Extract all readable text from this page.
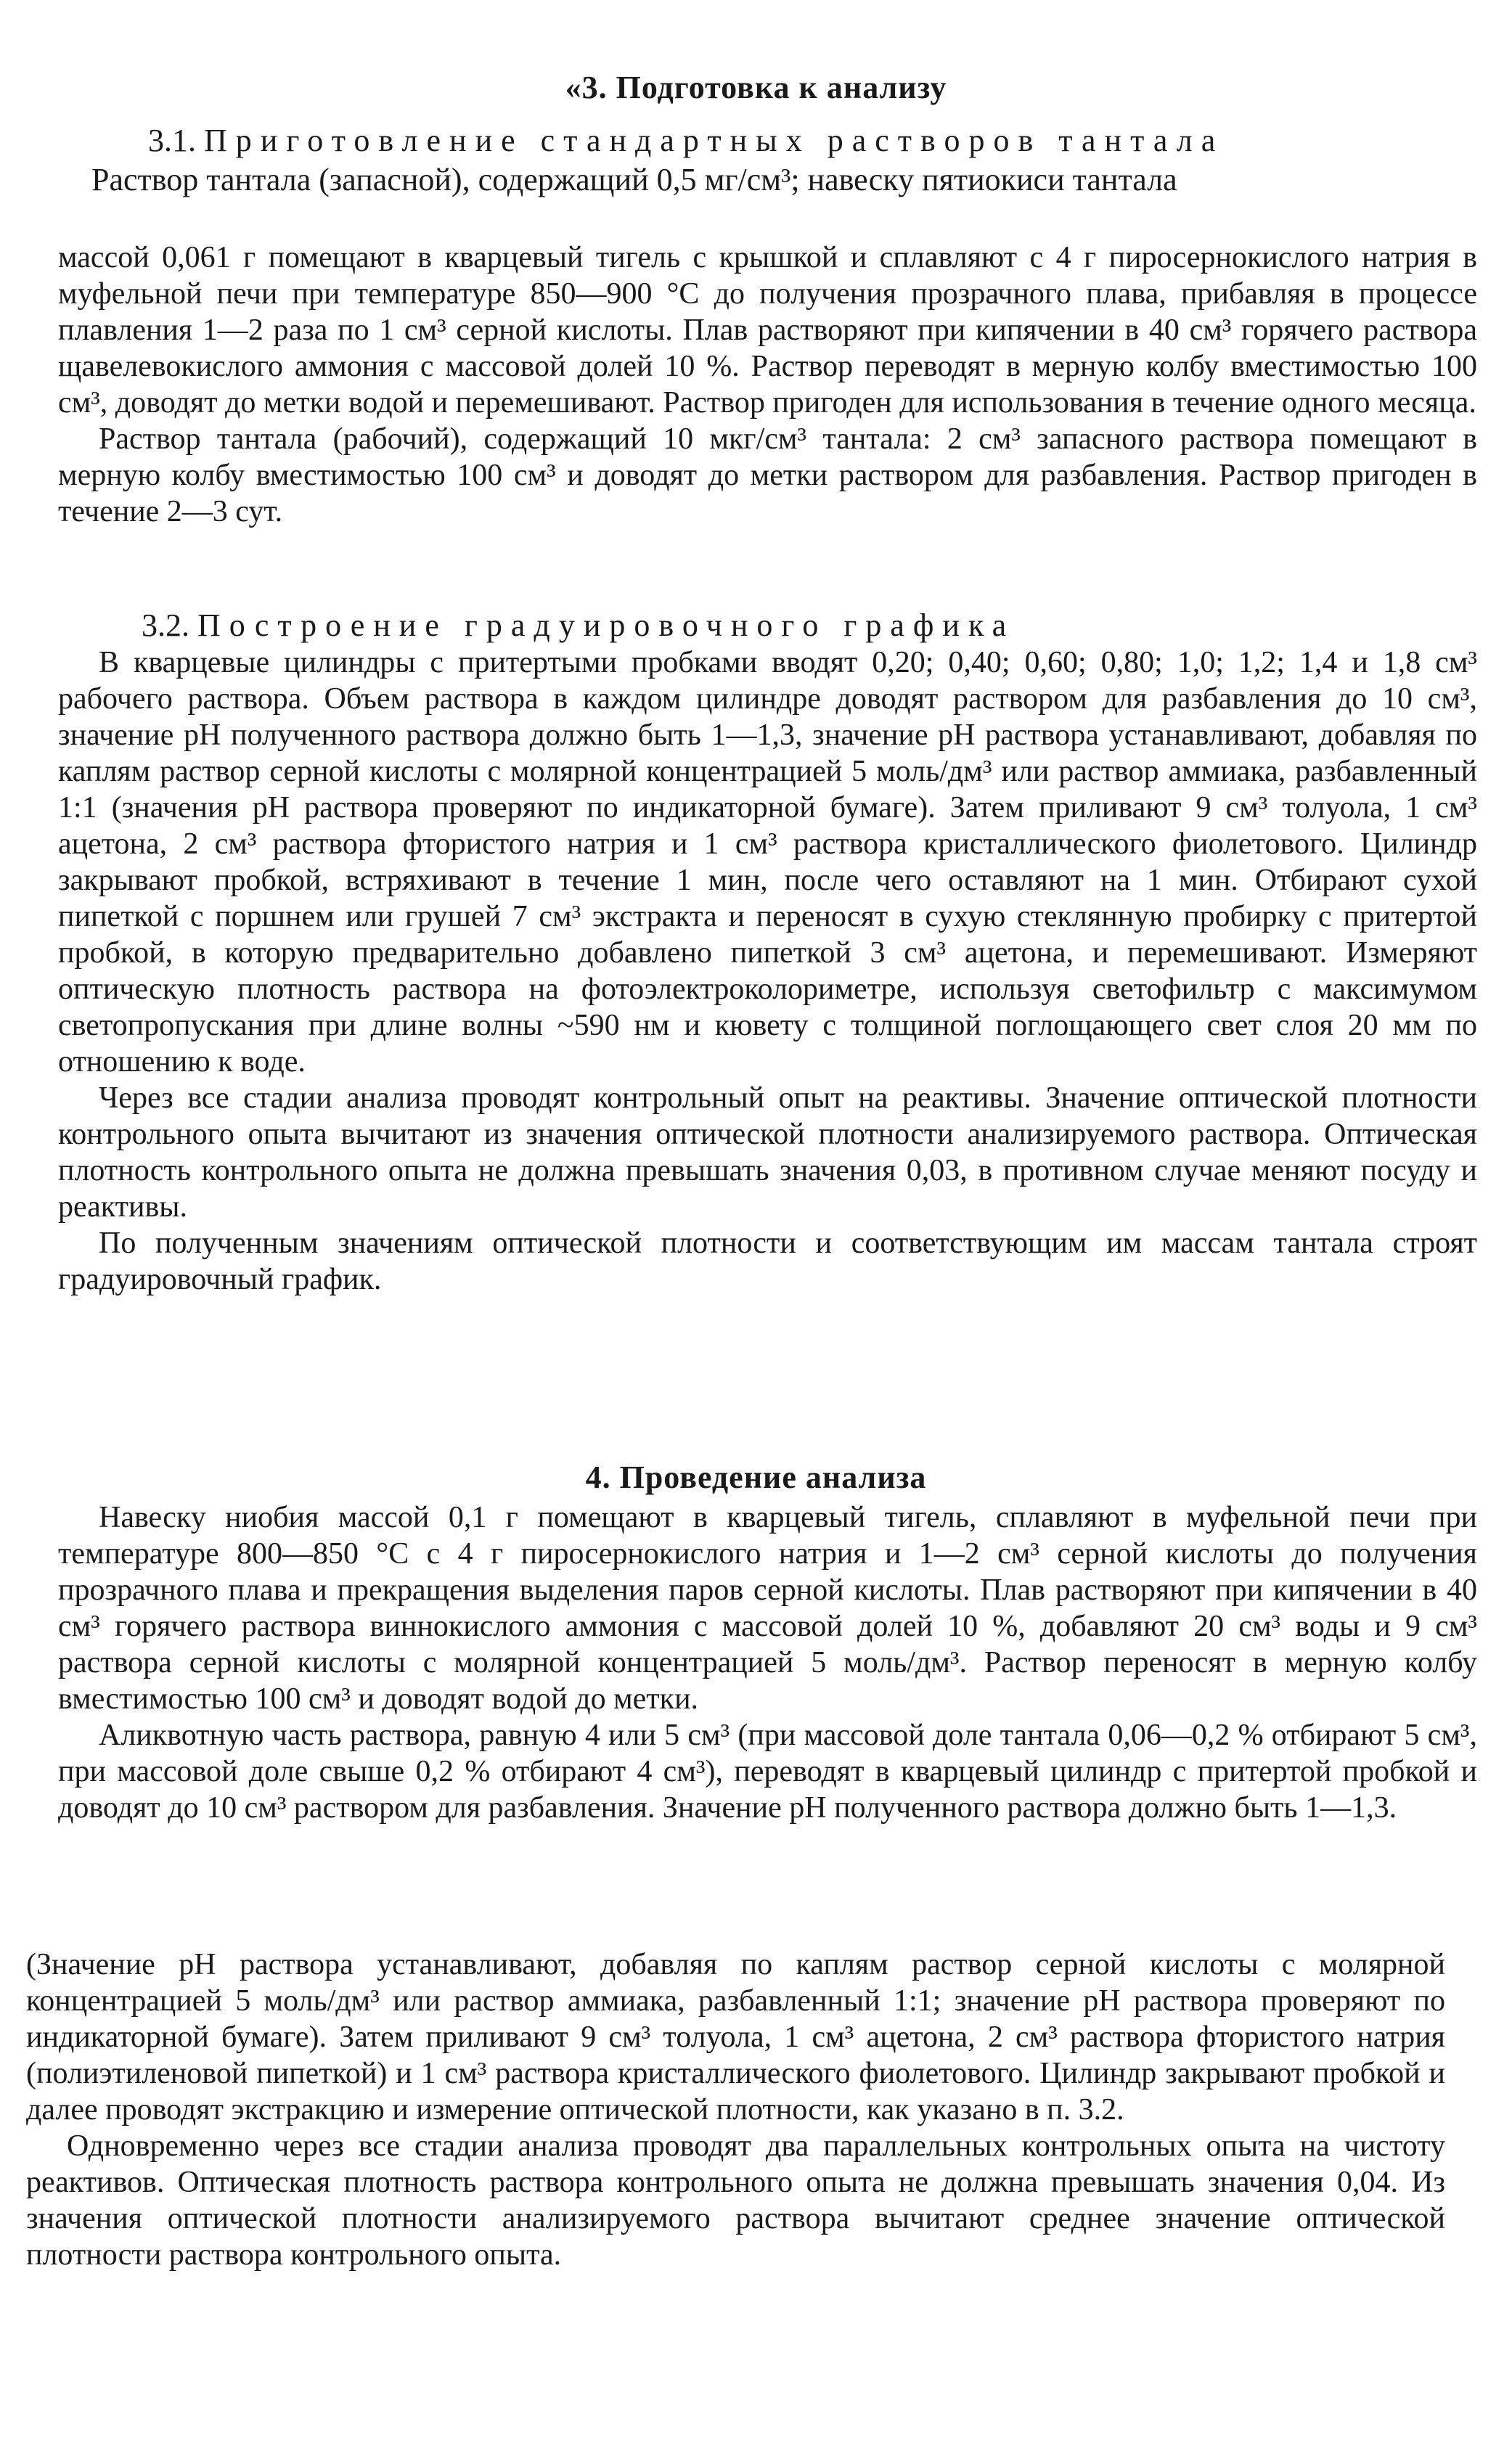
«3. Подготовка к анализу

3.1. Приготовление стандартных растворов тантала

Раствор тантала (запасной), содержащий 0,5 мг/см³; навеску пятиокиси тантала

массой 0,061 г помещают в кварцевый тигель с крышкой и сплавляют с 4 г пиросернокислого натрия в муфельной печи при температуре 850—900 °С до получения прозрачного плава, прибавляя в процессе плавления 1—2 раза по 1 см³ серной кислоты. Плав растворяют при кипячении в 40 см³ горячего раствора щавелевокислого аммония с массовой долей 10 %. Раствор переводят в мерную колбу вместимостью 100 см³, доводят до метки водой и перемешивают. Раствор пригоден для использования в течение одного месяца.

Раствор тантала (рабочий), содержащий 10 мкг/см³ тантала: 2 см³ запасного раствора помещают в мерную колбу вместимостью 100 см³ и доводят до метки раствором для разбавления. Раствор пригоден в течение 2—3 сут.

3.2. Построение градуировочного графика

В кварцевые цилиндры с притертыми пробками вводят 0,20; 0,40; 0,60; 0,80; 1,0; 1,2; 1,4 и 1,8 см³ рабочего раствора. Объем раствора в каждом цилиндре доводят раствором для разбавления до 10 см³, значение pH полученного раствора должно быть 1—1,3, значение pH раствора устанавливают, добавляя по каплям раствор серной кислоты с молярной концентрацией 5 моль/дм³ или раствор аммиака, разбавленный 1:1 (значения pH раствора проверяют по индикаторной бумаге). Затем приливают 9 см³ толуола, 1 см³ ацетона, 2 см³ раствора фтористого натрия и 1 см³ раствора кристаллического фиолетового. Цилиндр закрывают пробкой, встряхивают в течение 1 мин, после чего оставляют на 1 мин. Отбирают сухой пипеткой с поршнем или грушей 7 см³ экстракта и переносят в сухую стеклянную пробирку с притертой пробкой, в которую предварительно добавлено пипеткой 3 см³ ацетона, и перемешивают. Измеряют оптическую плотность раствора на фотоэлектроколориметре, используя светофильтр с максимумом светопропускания при длине волны ~590 нм и кювету с толщиной поглощающего свет слоя 20 мм по отношению к воде.

Через все стадии анализа проводят контрольный опыт на реактивы. Значение оптической плотности контрольного опыта вычитают из значения оптической плотности анализируемого раствора. Оптическая плотность контрольного опыта не должна превышать значения 0,03, в противном случае меняют посуду и реактивы.

По полученным значениям оптической плотности и соответствующим им массам тантала строят градуировочный график.

4. Проведение анализа

Навеску ниобия массой 0,1 г помещают в кварцевый тигель, сплавляют в муфельной печи при температуре 800—850 °С с 4 г пиросернокислого натрия и 1—2 см³ серной кислоты до получения прозрачного плава и прекращения выделения паров серной кислоты. Плав растворяют при кипячении в 40 см³ горячего раствора виннокислого аммония с массовой долей 10 %, добавляют 20 см³ воды и 9 см³ раствора серной кислоты с молярной концентрацией 5 моль/дм³. Раствор переносят в мерную колбу вместимостью 100 см³ и доводят водой до метки.

Аликвотную часть раствора, равную 4 или 5 см³ (при массовой доле тантала 0,06—0,2 % отбирают 5 см³, при массовой доле свыше 0,2 % отбирают 4 см³), переводят в кварцевый цилиндр с притертой пробкой и доводят до 10 см³ раствором для разбавления. Значение pH полученного раствора должно быть 1—1,3.

(Значение pH раствора устанавливают, добавляя по каплям раствор серной кислоты с молярной концентрацией 5 моль/дм³ или раствор аммиака, разбавленный 1:1; значение pH раствора проверяют по индикаторной бумаге). Затем приливают 9 см³ толуола, 1 см³ ацетона, 2 см³ раствора фтористого натрия (полиэтиленовой пипеткой) и 1 см³ раствора кристаллического фиолетового. Цилиндр закрывают пробкой и далее проводят экстракцию и измерение оптической плотности, как указано в п. 3.2.

Одновременно через все стадии анализа проводят два параллельных контрольных опыта на чистоту реактивов. Оптическая плотность раствора контрольного опыта не должна превышать значения 0,04. Из значения оптической плотности анализируемого раствора вычитают среднее значение оптической плотности раствора контрольного опыта.
